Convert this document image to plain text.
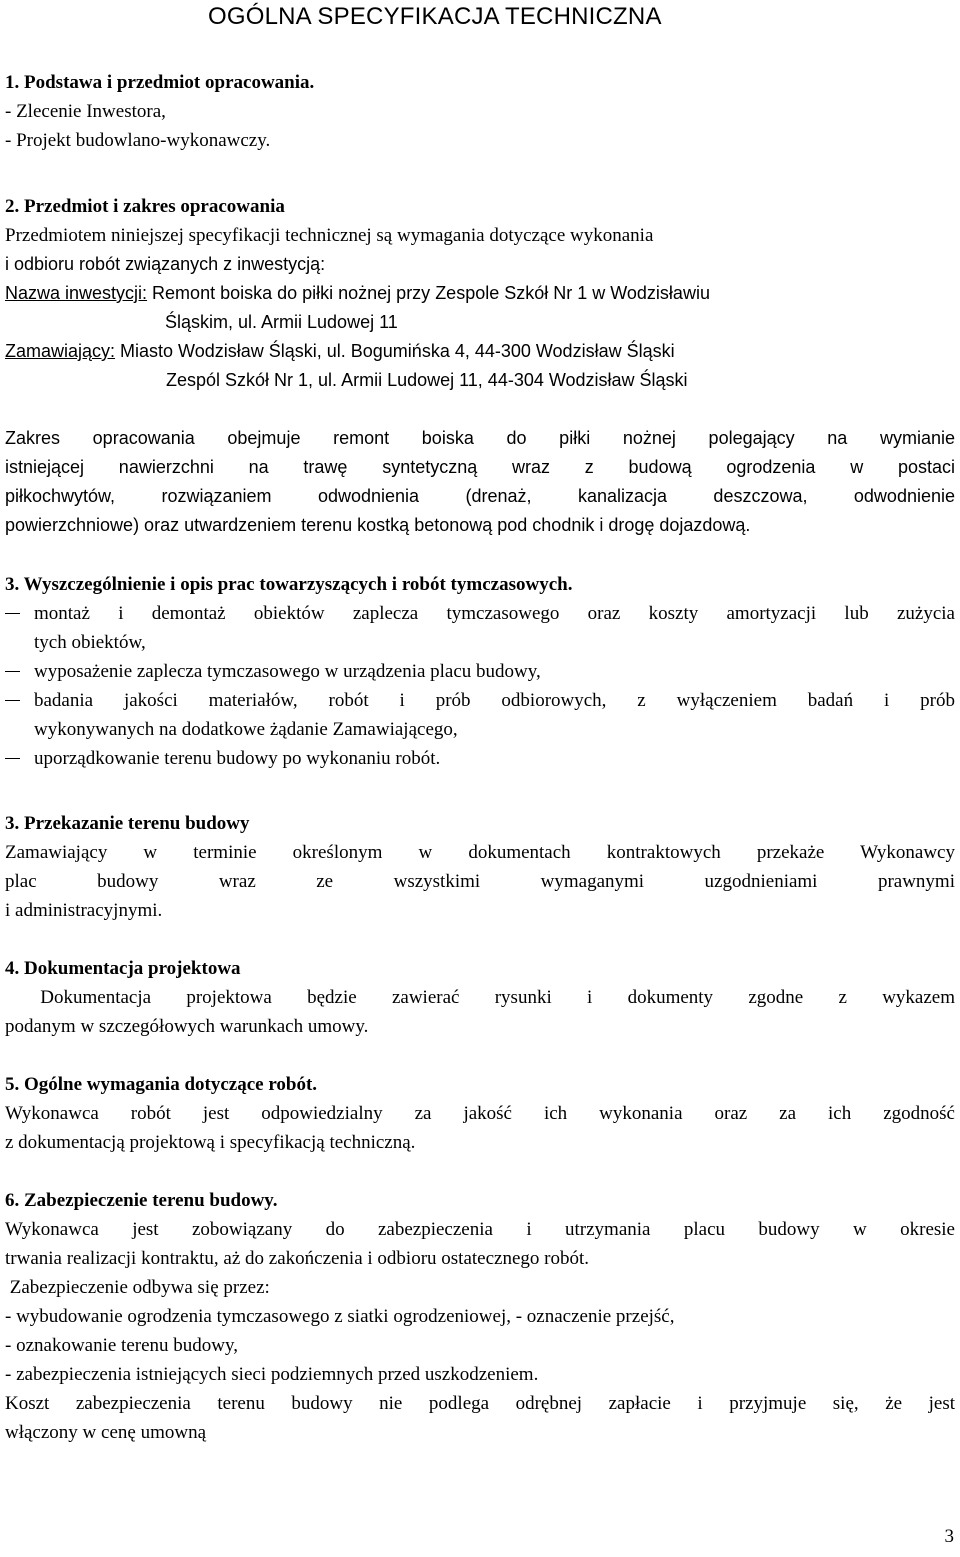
OGÓLNA SPECYFIKACJA TECHNICZNA
1. Podstawa i przedmiot opracowania.
- Zlecenie Inwestora,
- Projekt budowlano-wykonawczy.
2. Przedmiot i zakres opracowania
Przedmiotem niniejszej specyfikacji technicznej są wymagania dotyczące wykonania
i odbioru robót związanych z inwestycją:
Nazwa inwestycji: Remont boiska do piłki nożnej przy Zespole Szkół Nr 1 w Wodzisławiu
Śląskim, ul. Armii Ludowej 11
Zamawiający: Miasto Wodzisław Śląski, ul. Bogumińska 4, 44-300 Wodzisław Śląski
Zespól Szkół Nr 1, ul. Armii Ludowej 11, 44-304 Wodzisław Śląski
Zakres opracowania obejmuje remont boiska do piłki nożnej polegający na wymianie
istniejącej nawierzchni na trawę syntetyczną wraz z budową ogrodzenia w postaci
piłkochwytów, rozwiązaniem odwodnienia (drenaż, kanalizacja deszczowa, odwodnienie
powierzchniowe) oraz utwardzeniem terenu kostką betonową pod chodnik i drogę dojazdową.
3. Wyszczególnienie i opis prac towarzyszących i robót tymczasowych.
montaż i demontaż obiektów zaplecza tymczasowego oraz koszty amortyzacji lub zużycia
tych obiektów,
wyposażenie zaplecza tymczasowego w urządzenia placu budowy,
badania jakości materiałów, robót i prób odbiorowych, z wyłączeniem badań i prób
wykonywanych na dodatkowe żądanie Zamawiającego,
uporządkowanie terenu budowy po wykonaniu robót.
3. Przekazanie terenu budowy
Zamawiający w terminie określonym w dokumentach kontraktowych przekaże Wykonawcy
plac budowy wraz ze wszystkimi wymaganymi uzgodnieniami prawnymi
i administracyjnymi.
4. Dokumentacja projektowa
Dokumentacja projektowa będzie zawierać rysunki i dokumenty zgodne z wykazem
podanym w szczegółowych warunkach umowy.
5. Ogólne wymagania dotyczące robót.
Wykonawca robót jest odpowiedzialny za jakość ich wykonania oraz za ich zgodność
z dokumentacją projektową i specyfikacją techniczną.
6. Zabezpieczenie terenu budowy.
Wykonawca jest zobowiązany do zabezpieczenia i utrzymania placu budowy w okresie
trwania realizacji kontraktu, aż do zakończenia i odbioru ostatecznego robót.
Zabezpieczenie odbywa się przez:
- wybudowanie ogrodzenia tymczasowego z siatki ogrodzeniowej, - oznaczenie przejść,
- oznakowanie terenu budowy,
- zabezpieczenia istniejących sieci podziemnych przed uszkodzeniem.
Koszt zabezpieczenia terenu budowy nie podlega odrębnej zapłacie i przyjmuje się, że jest
włączony w cenę umowną
3
